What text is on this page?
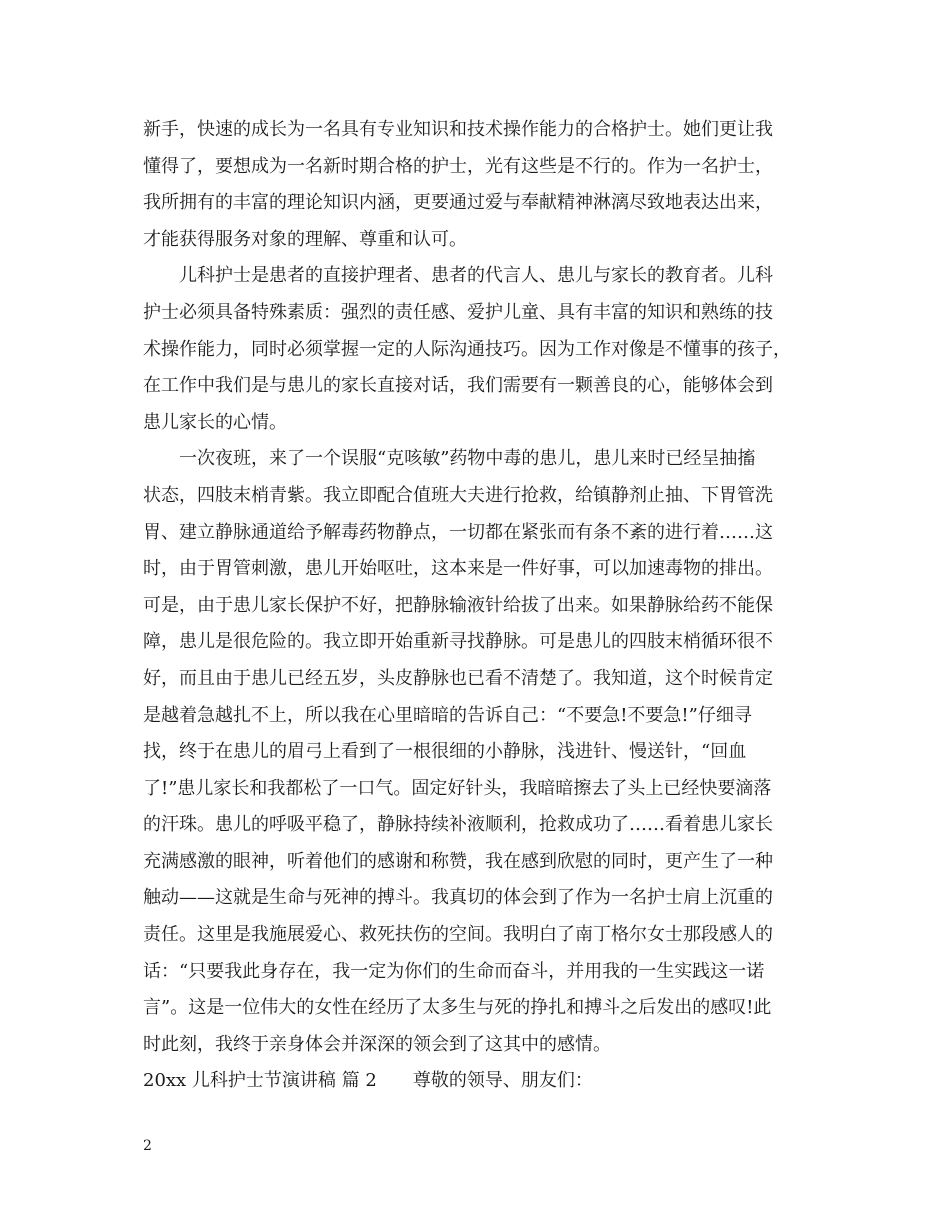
新手，快速的成长为一名具有专业知识和技术操作能力的合格护士。她们更让我
懂得了，要想成为一名新时期合格的护士，光有这些是不行的。作为一名护士，
我所拥有的丰富的理论知识内涵，更要通过爱与奉献精神淋漓尽致地表达出来，
才能获得服务对象的理解、尊重和认可。
　　儿科护士是患者的直接护理者、患者的代言人、患儿与家长的教育者。儿科
护士必须具备特殊素质：强烈的责任感、爱护儿童、具有丰富的知识和熟练的技
术操作能力，同时必须掌握一定的人际沟通技巧。因为工作对像是不懂事的孩子，
在工作中我们是与患儿的家长直接对话，我们需要有一颗善良的心，能够体会到
患儿家长的心情。
　　一次夜班，来了一个误服“克咳敏”药物中毒的患儿，患儿来时已经呈抽搐
状态，四肢末梢青紫。我立即配合值班大夫进行抢救，给镇静剂止抽、下胃管洗
胃、建立静脉通道给予解毒药物静点，一切都在紧张而有条不紊的进行着……这
时，由于胃管刺激，患儿开始呕吐，这本来是一件好事，可以加速毒物的排出。
可是，由于患儿家长保护不好，把静脉输液针给拔了出来。如果静脉给药不能保
障，患儿是很危险的。我立即开始重新寻找静脉。可是患儿的四肢末梢循环很不
好，而且由于患儿已经五岁，头皮静脉也已看不清楚了。我知道，这个时候肯定
是越着急越扎不上，所以我在心里暗暗的告诉自己：“不要急!不要急!”仔细寻
找，终于在患儿的眉弓上看到了一根很细的小静脉，浅进针、慢送针，“回血
了!”患儿家长和我都松了一口气。固定好针头，我暗暗擦去了头上已经快要滴落
的汗珠。患儿的呼吸平稳了，静脉持续补液顺利，抢救成功了……看着患儿家长
充满感激的眼神，听着他们的感谢和称赞，我在感到欣慰的同时，更产生了一种
触动——这就是生命与死神的搏斗。我真切的体会到了作为一名护士肩上沉重的
责任。这里是我施展爱心、救死扶伤的空间。我明白了南丁格尔女士那段感人的
话：“只要我此身存在，我一定为你们的生命而奋斗，并用我的一生实践这一诺
言”。这是一位伟大的女性在经历了太多生与死的挣扎和搏斗之后发出的感叹!此
时此刻，我终于亲身体会并深深的领会到了这其中的感情。
20xx 儿科护士节演讲稿 篇 2 尊敬的领导、朋友们：
2
